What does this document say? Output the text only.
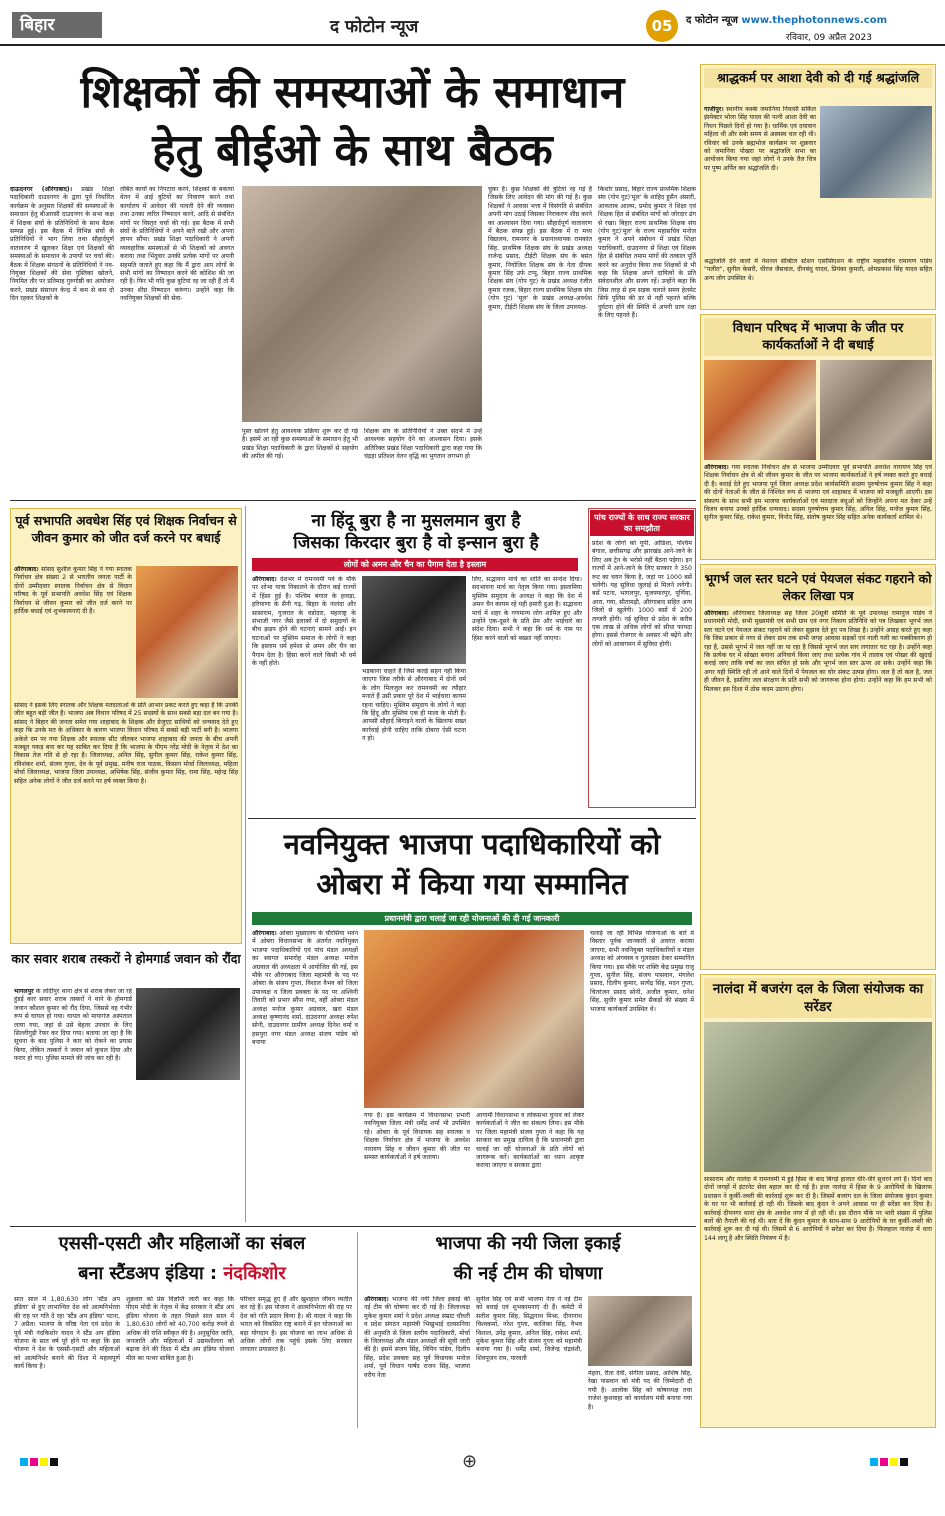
बिहार	द फोटोन न्यूज	05	द फोटोन न्यूज www.thephotonnews.com
रविवार, 09 अप्रैल 2023
शिक्षकों की समस्याओं के समाधान
हेतु बीईओ के साथ बैठक
दाऊदनगर (औरंगाबाद)। प्रखंड शिक्षा पदाधिकारी दाउदनगर के द्वारा पूर्व निर्धारित कार्यक्रम के अनुसार शिक्षकों की समस्याओं के समाधान हेतु बीआरसी दाउदनगर के सभा कक्ष में शिक्षक संघों के प्रतिनिधियों के साथ बैठक सम्पन्न हुई। इस बैठक में विभिन्न संघों के प्रतिनिधियों ने भाग लिया तथा सौहार्दपूर्ण वातावरण में खुलकर शिक्षा एवं शिक्षकों की समस्याओं के समाधान के उपायों पर चर्चा की। बैठक में शिक्षक संगठनों के प्रतिनिधियों ने नव-नियुक्त शिक्षकों की सेवा पुस्तिका खोलने, नियमित तौर पर प्रतिमाह गुरुगोष्ठी का आयोजन करने, प्रखंड संसाधन केन्द्र में कम से कम दो दिन रहकर शिक्षकों के
लंबित कार्यों का निपटारा करने, शिक्षकों के बकाया वेतन में आई त्रुटियों का निवारण करने तथा कार्यालय में आवेदन की पावती देने की व्यवस्था तथा उनका त्वरित निष्पादन करने, आदि से संबंधित मांगों पर विस्तृत चर्चा की गई। इस बैठक में सभी संघों के प्रतिनिधियों ने अपने बातें रखी और अपना ज्ञापन सौंपा। प्रखंड शिक्षा पदाधिकारी ने अपनी व्यावहारिक समस्याओं से भी शिक्षकों को अवगत कराया तथा भिंदुवार उनकी प्रत्येक मांगों पर अपनी सहमति जताते हुए कहा कि मैं द्वारा आप लोगों के सभी मांगों का निष्पादन करने की कोशिश की जा रही है। फिर भी यदि कुछ त्रुटियां रह जा रही हैं तो मैं उनका शीघ्र निष्पादन करूंगा। उन्होंने कहा कि नवनियुक्त शिक्षकों की सेवा-
पुस्त खोलने हेतु आवश्यक प्रक्रिया शुरू कर दी गई है। इसमें आ रही कुछ समस्याओं के समाधान हेतु भी प्रखंड शिक्षा पदाधिकारी के द्वारा शिक्षकों से सहयोग की अपील की गई।
शिक्षक संघ के प्रतिनिधियों ने उक्त संदर्भ में उन्हें आवश्यक सहयोग देने का आश्वासन दिया। इसके अतिरिक्त प्रखंड शिक्षा पदाधिकारी द्वारा कहा गया कि चंद्रहा प्रतिशत वेतन वृद्धि का भुगतान लगभग हो
चुका है। कुछ शिक्षकों की त्रुटियां रह गई हैं जिसके लिए आवेदन की मांग की गई है। कुछ शिक्षकों ने आवास भत्ता में विसंगति से संबंधित अपनी मांग उठाई जिसका निराकरण शीघ्र करने का आश्वासन दिया गया। सौहार्दपूर्ण वातावरण में बैठक संपन्न हुई। इस बैठक में रा मध्य विद्यालय, रामनगर के प्रधानाध्यापक रामकांत सिंह, प्राथमिक शिक्षक संघ के प्रखंड अध्यक्ष राजेन्द्र प्रसाद, टीईटी शिक्षक संघ के बसंत कुमार, नियोजित शिक्षक संघ के नेता दीपक कुमार सिंह उर्फ टप्पू, बिहार राज्य प्राथमिक शिक्षक संघ (गोप गुट) के प्रखंड अध्यक्ष रंजीत कुमार रजक, बिहार राज्य प्राथमिक शिक्षक संघ (गोप गुट) 'मूल' के प्रखंड अध्यक्ष-अवधेश कुमार, टीईटी शिक्षक संघ के जिला उपाध्यक्ष-
किशोर प्रसाद, बिहार राज्य प्राथमिक शिक्षक संघ (गोप गुट)'मूल' के शाहिद हुसैन अंसारी, आफताब आलम, प्रमोद कुमार ने शिक्षा एवं शिक्षक हित से संबंधित मांगों को जोरदार ढंग से रखा। बिहार राज्य प्राथमिक शिक्षक संघ (गोप गुट)'मूल' के राज्य महासचिव मनोज कुमार ने अपने संबोधन में प्रखंड शिक्षा पदाधिकारी, दाउदनगर से शिक्षा एवं शिक्षक हित से संबंधित तमाम मांगों की तत्काल पूर्ति करने का अनुरोध किया तथा शिक्षकों से भी कहा कि शिक्षक अपने दायित्वों के प्रति संवेदनशील और सजग रहें। उन्होंने कहा कि जिस तरह से हम सड़क चलाते समय हेलमेट सिर्फ पुलिस की डर से नहीं पहनते बल्कि दुर्घटना होने की स्थिति में अपनी प्राण रक्षा के लिए पहनते हैं।
श्राद्धकर्म पर आशा देवी को दी गई श्रद्धांजलि
गाजीपुर। स्थानीय कस्बेा जमानिया निवासी सर्किल इंस्पेक्टर भोला सिंह यादव की पत्नी आशा देवी का निधन पिछले दिनों हो गया है। धार्मिक एवं दयावान महिला थी और सबेा समय से अस्वस्थ चल रही थी। रविवार को उनके ब्रह्मभोज कार्यक्रम पर शुक्रवार को जमानिया पोखरा पर श्रद्धांजलि सभा का आयोजन किया गया जहां लोगों ने उनके तैल चित्र पर पुष्प अर्पित कर श्रद्धांजलि दी।
श्रद्धांजलि देने वालों में नेशनल सेक्टिल स्टेशन एसोसिएशन के राष्ट्रीय महासचिव रामायण पांडेय "पलीत", सुनील केसरी, धीरज जैसवाल, दीनबंधु यादव, प्रियंका कुमारी, ओमप्रकाश सिंह यादव सहित अन्य लोग उपस्थित थे।
विधान परिषद में भाजपा के जीत पर कार्यकर्ताओं ने दी बधाई
औरंगाबाद। गया स्नातक निर्वाचन क्षेत्र से भाजपा उम्मीदवार पूर्व सभापति अवधेश नारायण सिंह एवं शिक्षक निर्वाचन क्षेत्र से श्री जीवन कुमार के जीत पर भाजपा कार्यकर्ताओं ने हर्ष व्यक्त करते हुए बधाई दी है। बधाई देते हुए भाजपा पूर्व जिला अध्यक्ष प्रदेश कार्यसमिति सदस्य पुरुषोत्तम कुमार सिंह ने कहा की दोनों नेताओं के जीत से निश्चित रूप से भाजपा एवं शाहाबाद में भाजपा को मजबूती आएगी। इस संकल्प के साथ सभी हम भाजपा कार्यकर्ताओं एवं मतदाता बंधुओं को जिन्होंने अपना मत देकर उन्हें विजय बनाया उनको हार्दिक धन्यवाद। सदस्य पुरुषोत्तम कुमार सिंह, अनिल सिंह, मनोज कुमार सिंह, सुनील कुमार सिंह, राकेश कुमार, विनोद सिंह, संतोष कुमार सिंह सहित अनेक कार्यकर्ता शामिल थे।
भूगर्भ जल स्तर घटने एवं पेयजल संकट गहराने को लेकर लिखा पत्र
औरंगाबाद। औरंगाबाद जिलाध्यक्ष सह जिला 20सूत्री समिति के पूर्व उपाध्यक्ष रामानुज पांडेय ने प्रधानमंत्री मोदी, सभी मुख्यमंत्री एवं सभी ग्राम एवं नगर निकाय प्रतिनिधि को पत्र लिखकर भूगर्भ जल स्तर घटने एवं पेयजल संकट गहराने को लेकर सुझाव देते हुए पत्र लिखा है। उन्होंने आग्रह करते हुए कहा कि जिस प्रकार से नगर से लेकर ग्राम तक सभी जगह आवास सड़कों एवं नाली गली का पक्कीकरण हो रहा है, उससे भूगर्भ में जल नहीं जा पा रहा है जिससे भूगर्भ जल स्तर लगातार घट रहा है। उन्होंने कहा कि प्रत्येक घर में सोख्ता बनाना अनिवार्य किया जाए तथा प्रत्येक गांव में तालाब एवं पोखर की खुदाई कराई जाए ताकि वर्षा का जल संचित हो सके और भूगर्भ जल स्तर ऊपर आ सके। उन्होंने कहा कि अगर यही स्थिति रही तो आने वाले दिनों में पेयजल का घोर संकट उत्पन्न होगा। जल है तो कल है, जल ही जीवन है, इसलिए जल संरक्षण के प्रति सभी को जागरूक होना होगा। उन्होंने कहा कि हम सभी को मिलकर इस दिशा में ठोस कदम उठाना होगा।
नालंदा में बजरंग दल के जिला संयोजक का सरेंडर
सासाराम और नालंदा में रामनवमी में हुई हिंसा के बाद बिगड़े हालात धीरे-धीरे सुधरने लगे हैं। दिनों बाद दोनों जगहों में इंटरनेट सेवा बहाल कर दी गई है। इधर नालंदा में हिंसा के 9 आरोपियों के खिलाफ प्रशासन ने कुर्की-जब्ती की कार्रवाई शुरू कर दी है। जिसमें बजरंग दल के जिला संयोजक कुंदन कुमार के घर पर भी कार्रवाई हो रही थी। जिसके बाद कुंदन ने अपने आवास पर ही सरेंडर कर दिया है। कार्रवाई दीपनगर थाना क्षेत्र के अवधेश नगर में हो रही थी। इस दौरान मौके पर भारी संख्या में पुलिस बलों की तैनाती की गई थी। बता दें कि कुंदन कुमार के साथ-साथ 9 आरोपियों के घर कुर्की-जब्ती की कार्रवाई शुरू कर दी गई थी। जिसमें से 6 आरोपियों ने सरेंडर कर दिया है। फिलहाल नालंदा में धारा 144 लागू है और स्थिति नियंत्रण में है।
पूर्व सभापति अवधेश सिंह एवं शिक्षक निर्वाचन से जीवन कुमार को जीत दर्ज करने पर बधाई
औरंगाबाद। सांसद सुशील कुमार सिंह ने गया स्नातक निर्वाचन क्षेत्र संख्या 2 से भारतीय जनता पार्टी के दोनों उम्मीदवार स्नातक निर्वाचन क्षेत्र से विधान परिषद के पूर्व सभापति अवधेश सिंह एवं शिक्षक निर्वाचन से जीवन कुमार को जीत दर्ज करने पर हार्दिक बधाई एवं शुभकामनाएं दी है।
सांसद ने इसके लिए स्नातक और शिक्षक मतदाताओं के प्रति आभार प्रकट करते हुए कहा है कि उनकी जीत बहुत बड़ी जीत है। भाजपा अब विधान परिषद में 25 सदस्यों के साथ सबसे बड़ा दल बन गया है। सांसद ने बिहार की जनता समेत गया शाहाबाद के शिक्षक और ग्रेजुएट साथियों को धन्यवाद देते हुए कहा कि उनके मत के अधिकार के कारण भाजपा विधान परिषद में सबसे बड़ी पार्टी बनी है। भाजपा अकेले दम पर गया शिक्षक और स्नातक सीट जीतकर भाजपा शाहाबाद की जनता के बीच अपनी मजबूत पकड़ बना कर यह साबित कर दिया है कि भाजपा के पीएम नरेंद्र मोदी के नेतृत्व में देश का विकास तेज गति से हो रहा है। जिलाध्यक्ष, अनिल सिंह, सुनील कुमार सिंह, राकेश कुमार सिंह, रविशंकर शर्मा, संजय गुप्ता, देव के पूर्व प्रमुख, मनीष राज पाठक, किसान मोर्चा जिलाध्यक्ष, महिला मोर्चा जिलाध्यक्ष, भाजपा जिला उपाध्यक्ष, अभिषेक सिंह, संजीव कुमार सिंह, रामा सिंह, महेन्द्र सिंह सहित अनेक लोगों ने जीत दर्ज करने पर हर्ष व्यक्त किया है।
ना हिंदू बुरा है ना मुसलमान बुरा है
जिसका किरदार बुरा है वो इन्सान बुरा है
लोगों को अमन और चैन का पैगाम देता है इस्लाम
औरंगाबाद। देशभर में रामनवमी पर्व के मौके पर शोभा यात्रा निकालने के दौरान कई राज्यों में हिंसा हुई है। पश्चिम बंगाल के हावड़ा, हरियाणा के सैनी गढ़, बिहार के नालंदा और सासाराम, गुजरात के वडोदरा, महाराष्ट्र के संभाजी नगर जैसे इलाकों में दो समुदायों के बीच झड़प होने की घटनाएं सामने आईं। इन घटनाओं पर मुस्लिम समाज के लोगों ने कहा कि इस्लाम धर्म हमेशा से अमन और चैन का पैगाम देता है। हिंसा करने वाले किसी भी धर्म के नहीं होते।
भड़काना चाहते हैं जिसे कतई सहन नहीं किया जाएगा जिस तरीके से औरंगाबाद में दोनों धर्म के लोग मिलजुल कर रामनवमी का त्यौहार मनाते हैं उसी प्रकार पूरे देश में भाईचारा कायम रहना चाहिए। मुस्लिम समुदाय के लोगों ने कहा कि हिंदू और मुस्लिम एक ही माला के मोती हैं। आपसी सौहार्द बिगाड़ने वालों के खिलाफ सख्त कार्रवाई होनी चाहिए ताकि दोबारा ऐसी घटना न हो।
लिए, सद्भावना मार्च का शांति का सन्देश दिया। सदभावना मार्च का नेतृत्व किया गया। इस्लामिया मुस्लिम समुदाय के अध्यक्ष ने कहा कि देश में अमन चैन कायम रहे यही हमारी दुआ है। सद्भावना मार्च में शहर के गणमान्य लोग शामिल हुए और उन्होंने एक-दूसरे के प्रति प्रेम और भाईचारे का संदेश दिया। सभी ने कहा कि धर्म के नाम पर हिंसा करने वालों को बख्शा नहीं जाएगा।
पांच राज्यों के साथ राज्य सरकार का समझौता
प्रदेश के लोगों को यूपी, ओडिशा, पश्चिम बंगाल, छत्तीसगढ़ और झारखंड आने-जाने के लिए अब ट्रेन के भरोसे नहीं बैठना पड़ेगा। इन राज्यों में आने-जाने के लिए सरकार ने 350 रूट का चयन किया है, जहां पर 1000 बसें चलेंगी। यह सुविधा जुलाई से मिलने लगेगी। बसें पटना, भागलपुर, मुजफ्फरपुर, पूर्णिया, आरा, गया, सीतामढ़ी, औरंगाबाद सहित अन्य जिलों से खुलेंगी। 1000 बसों में 200 लग्जरी होंगी। नई सुविधा से प्रदेश के करीब एक लाख से अधिक लोगों को सीधा फायदा होगा। इससे रोजगार के अवसर भी बढ़ेंगे और लोगों को आवागमन में सुविधा होगी।
नवनियुक्त भाजपा पदाधिकारियों को
ओबरा में किया गया सम्मानित
प्रधानमंत्री द्वारा चलाई जा रही योजनाओं की दी गई जानकारी
औरंगाबाद। ओबरा मुख्यालय के चौरसिया भवन में ओबरा विधानसभा के अंतर्गत नवनियुक्त भाजपा पदाधिकारियों एवं पांच मंडल अध्यक्षों का स्वागत समारोह मंडल अध्यक्ष मनोज अग्रवाल की अध्यक्षता में आयोजित की गई, इस मौके पर औरंगाबाद जिला महामंत्री के पद पर ओबरा के संजय गुप्ता, विशाल वैभव को जिला उपाध्यक्ष व जिला प्रवक्ता के पद पर अश्विनी तिवारी को प्रभार सौंपा गया, वहीं ओबरा मंडल अध्यक्ष मनोज कुमार अग्रवाल, खरा मंडल अध्यक्ष कृष्णानंद शर्मा, दाउदनगर अध्यक्ष रुपेश सोनी, दाउदनगर ग्रामीण अध्यक्ष दिनेश वर्मा व हसपुरा नगर मंडल अध्यक्ष संजय पांडेय को बनाया
गया है। इस कार्यक्रम में विधानसभा प्रभारी नवनियुक्त जिला मंत्री धर्मेंद्र शर्मा भी उपस्थित रहे। ओबरा के पूर्व विधायक सह स्नातक व शिक्षक निर्वाचन क्षेत्र में भाजपा के अवधेश नारायण सिंह व जीवन कुमार की जीत पर समस्त कार्यकर्ताओं ने हर्ष जताया।
आगामी विधानसभा व लोकसभा चुनाव को लेकर कार्यकर्ताओं ने जीत का संकल्प लिया। इस मौके पर जिला महामंत्री संजय गुप्ता ने कहा कि यह सरकार का प्रमुख दायित्व है कि प्रधानमंत्री द्वारा चलाई जा रही योजनाओं के प्रति लोगों को जागरूक करें। कार्यकर्ताओं का ध्यान आकृष्ट कराया जाएगा व सरकार द्वारा
चलाई जा रही विभिन्न योजनाओं के बारे में विस्तार पूर्वक जानकारी से अवगत कराया जाएगा, सभी नवनियुक्त पदाधिकारियों व मंडल अध्यक्ष को अंगवस्त्र व गुलदस्ता देकर सम्मानित किया गया। इस मौके पर शक्ति केंद्र प्रमुख राजू गुप्ता, सुनील सिंह, संजय पासवान, मंगलेश प्रसाद, दिलीप कुमार, सत्येंद्र सिंह, मदन गुप्ता, चितरंजन प्रसाद सोनी, अजीत कुमार, धनेश सिंह, सुधीर कुमार समेत सैकड़ों की संख्या में भाजपा कार्यकर्ता उपस्थित थे।
कार सवार शराब तस्करों ने होमगार्ड जवान को रौंदा
भागलपुर के लोदीपुर थाना क्षेत्र से शराब लेकर जा रहे हुंडई कार सवार शराब तस्करों ने थाने के होमगार्ड जवान कौशल कुमार को रौंद दिया, जिससे वह गंभीर रूप से घायल हो गया। घायल को मायागंज अस्पताल लाया गया, जहां से उसे बेहतर उपचार के लिए सिल्लीगुड़ी रेफर कर दिया गया। बताया जा रहा है कि सूचना के बाद पुलिस ने कार को रोकने का प्रयास किया, लेकिन तस्करों ने जवान को कुचल दिया और फरार हो गए। पुलिस मामले की जांच कर रही है।
एससी-एसटी और महिलाओं का संबल
बना स्टैंडअप इंडिया : नंदकिशोर
सात साल में 1,80,630 लोग 'स्टैंड अप इंडिया' से हुए लाभान्वित देश को आत्मनिर्भरता की राह पर गति दे रहा 'स्टैंड अप इंडिया' पटना, 7 अप्रैल। भाजपा के वरिष्ठ नेता एवं प्रदेश के पूर्व मंत्री नंदकिशोर यादव ने स्टैंड अप इंडिया योजना के सात वर्ष पूरे होने पर कहा कि इस योजना ने देश के एससी-एसटी और महिलाओं को आत्मनिर्भर बनाने की दिशा में महत्वपूर्ण कार्य किया है।
शुक्रवार को प्रेस विज्ञप्ति जारी कर कहा कि पीएम मोदी के नेतृत्व में केंद्र सरकार ने स्टैंड अप इंडिया योजना के तहत पिछले सात साल में 1,80,630 लोगों को 40,700 करोड़ रुपये से अधिक की राशि स्वीकृत की है। अनुसूचित जाति, जनजाति और महिलाओं में उद्यमशीलता को बढ़ावा देने की दिशा में स्टैंड अप इंडिया योजना मील का पत्थर साबित हुआ है।
परिवार समृद्ध हुए हैं और खुशहाल जीवन व्यतीत कर रहे हैं। इस योजना ने आत्मनिर्भरता की राह पर देश को गति प्रदान किया है। श्री यादव ने कहा कि भारत को विकसित राष्ट्र बनाने में इन योजनाओं का बड़ा योगदान है। इस योजना का लाभ अधिक से अधिक लोगों तक पहुंचे इसके लिए सरकार लगातार प्रयासरत है।
भाजपा की नयी जिला इकाई
की नई टीम की घोषणा
औरंगाबाद। भाजपा की नयी जिला इकाई की नई टीम की घोषणा कर दी गई है। जिलाध्यक्ष मुकेश कुमार शर्मा ने प्रदेश अध्यक्ष सम्राट चौधरी व प्रदेश संगठन महामंत्री भिखुभाई दलसानिया की अनुमति से जिला स्तरीय पदाधिकारी, मोर्चा के जिलाध्यक्ष और मंडल अध्यक्षों की सूची जारी की है। इसमें संजय सिंह, विपिन पांडेय, दिलीप सिंह, प्रदेश प्रवक्ता सह पूर्व विधायक मनोज शर्मा, पूर्व विधान पार्षद राजन सिंह, भाजपा वरीय नेता
सुनील सिंह एवं सभी भाजपा नेता ने नई टीम को बधाई एवं शुभकामनाएं दी हैं। कमेटी में सतीश कुमार सिंह, सिद्धनाथ मिश्रा, दीनानाथ विश्वकर्मा, नरेश गुप्ता, कालिका सिंह, वैभव विशाल, उपेंद्र कुमार, अनिल सिंह, राकेश शर्मा, मुकेश कुमार सिंह और संजय गुप्ता को महामंत्री बनाया गया है। धर्मेंद्र शर्मा, विजेन्द्र चंद्रवंशी, शिवपूजन राम, पारवती
मेहता, रीता देवी, संगीता प्रसाद, आशिष सिंह, रेखा पासवान को मंत्री पद की जिम्मेदारी दी गयी है। आलोक सिंह को कोषाध्यक्ष तथा राजेश कुशवाहा को कार्यालय मंत्री बनाया गया है।
⊕
